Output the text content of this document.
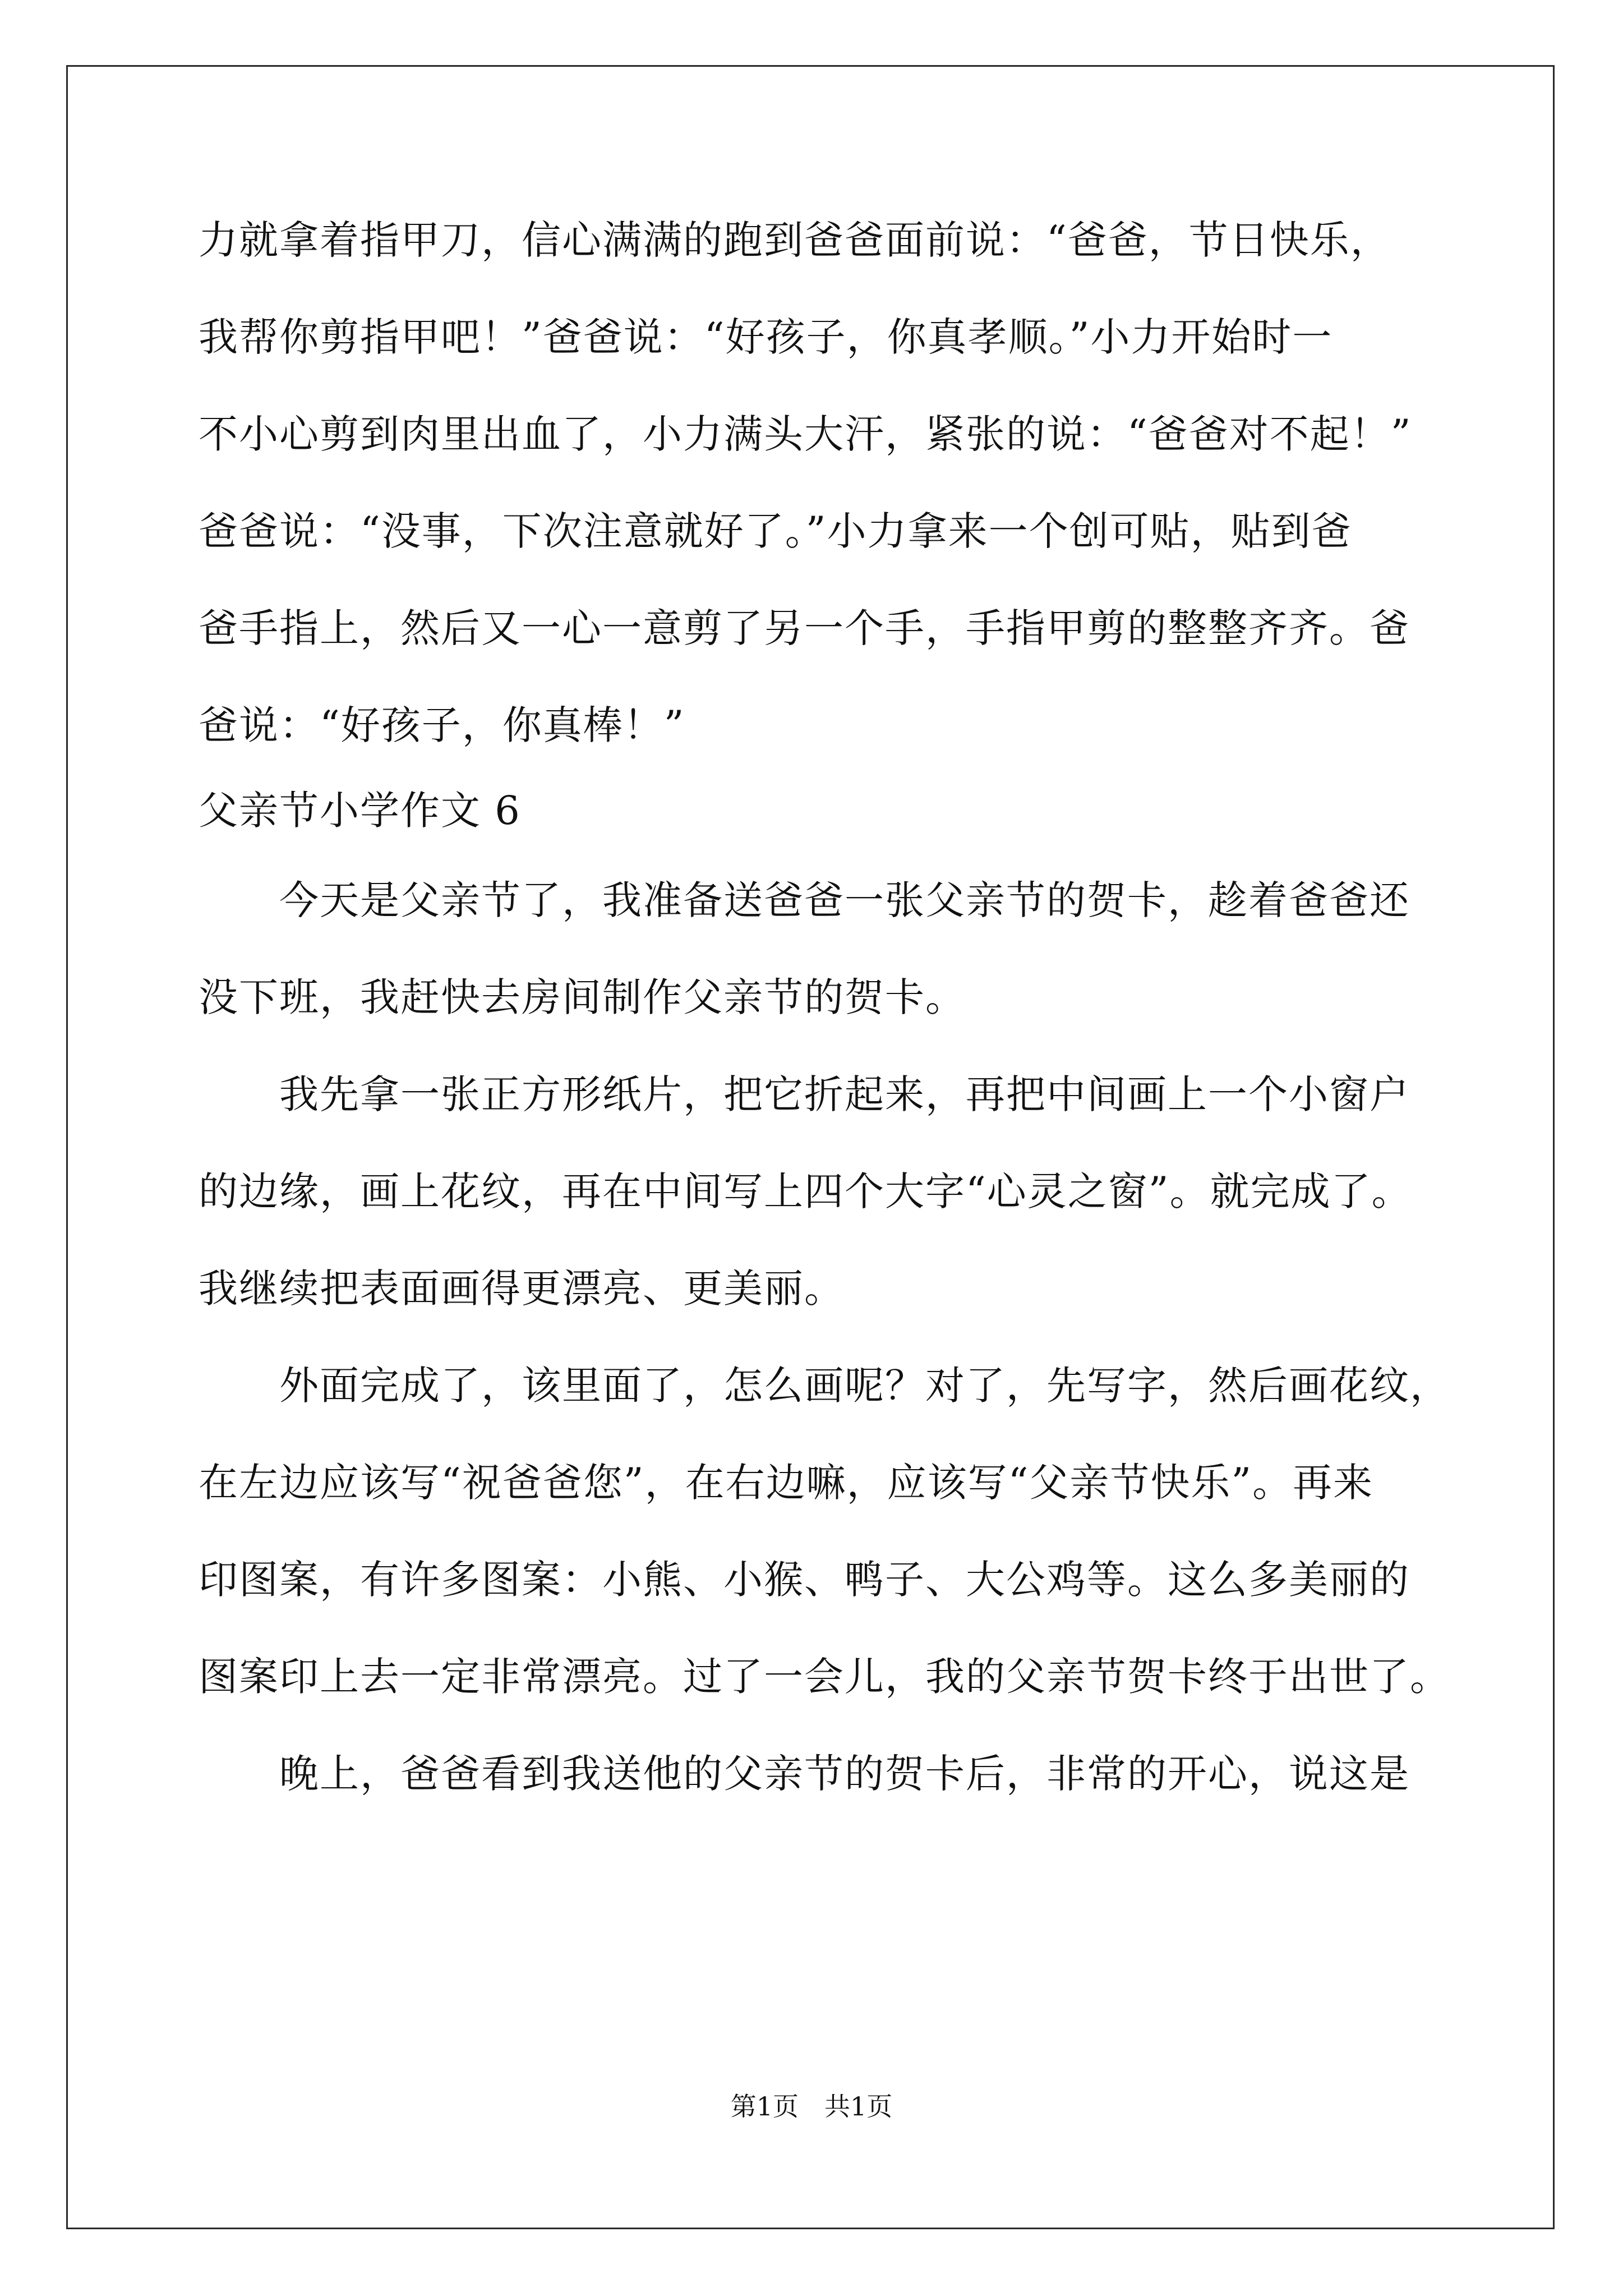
力就拿着指甲刀，信心满满的跑到爸爸面前说：“爸爸，节日快乐，
我帮你剪指甲吧！”爸爸说：“好孩子，你真孝顺。”小力开始时一
不小心剪到肉里出血了，小力满头大汗，紧张的说：“爸爸对不起！”
爸爸说：“没事，下次注意就好了。”小力拿来一个创可贴，贴到爸
爸手指上，然后又一心一意剪了另一个手，手指甲剪的整整齐齐。爸
爸说：“好孩子，你真棒！”
父亲节小学作文 6
　　今天是父亲节了，我准备送爸爸一张父亲节的贺卡，趁着爸爸还
没下班，我赶快去房间制作父亲节的贺卡。
　　我先拿一张正方形纸片，把它折起来，再把中间画上一个小窗户
的边缘，画上花纹，再在中间写上四个大字“心灵之窗”。就完成了。
我继续把表面画得更漂亮、更美丽。
　　外面完成了，该里面了，怎么画呢？对了，先写字，然后画花纹，
在左边应该写“祝爸爸您”，在右边嘛，应该写“父亲节快乐”。再来
印图案，有许多图案：小熊、小猴、鸭子、大公鸡等。这么多美丽的
图案印上去一定非常漂亮。过了一会儿，我的父亲节贺卡终于出世了。
　　晚上，爸爸看到我送他的父亲节的贺卡后，非常的开心，说这是
第1页　共1页
